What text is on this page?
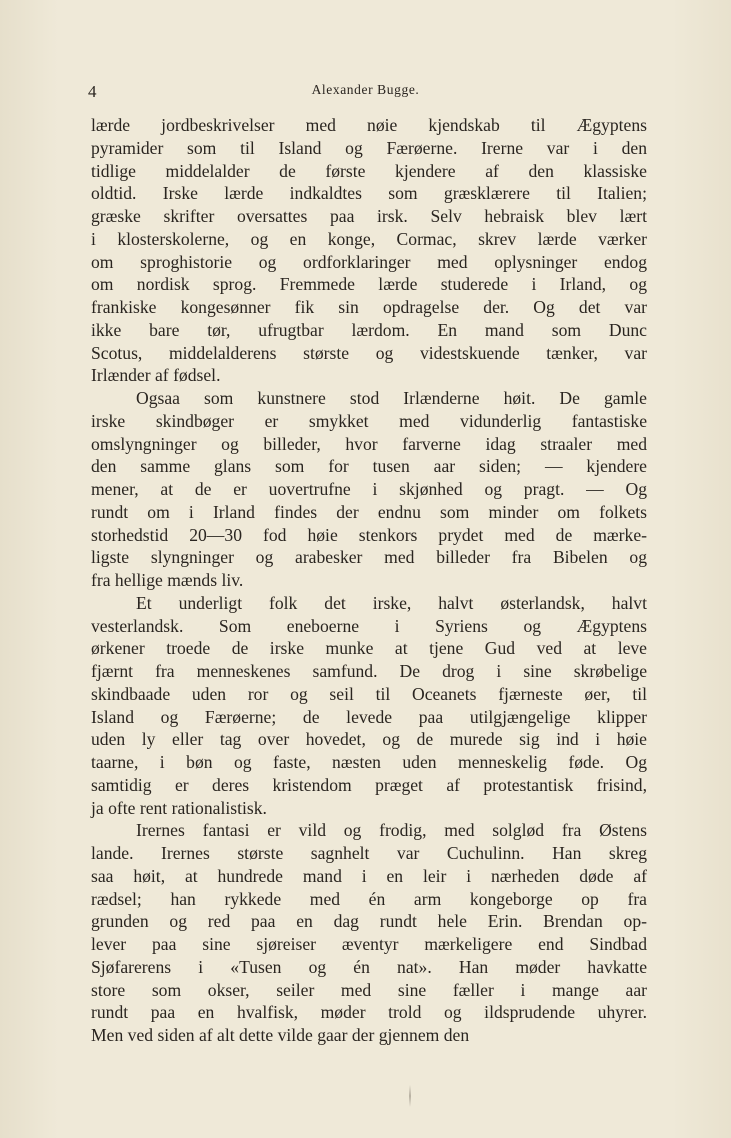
4	Alexander Bugge.
lærde jordbeskrivelser med nøie kjendskab til Ægyptens
pyramider som til Island og Færøerne. Irerne var i den
tidlige middelalder de første kjendere af den klassiske
oldtid. Irske lærde indkaldtes som græsklærere til Italien;
græske skrifter oversattes paa irsk. Selv hebraisk blev lært
i klosterskolerne, og en konge, Cormac, skrev lærde værker
om sproghistorie og ordforklaringer med oplysninger endog
om nordisk sprog. Fremmede lærde studerede i Irland, og
frankiske kongesønner fik sin opdragelse der. Og det var
ikke bare tør, ufrugtbar lærdom. En mand som Dunc
Scotus, middelalderens største og videstskuende tænker, var
Irlænder af fødsel.
Ogsaa som kunstnere stod Irlænderne høit. De gamle
irske skindbøger er smykket med vidunderlig fantastiske
omslyngninger og billeder, hvor farverne idag straaler med
den samme glans som for tusen aar siden; — kjendere
mener, at de er uovertrufne i skjønhed og pragt. — Og
rundt om i Irland findes der endnu som minder om folkets
storhedstid 20—30 fod høie stenkors prydet med de mærke-
ligste slyngninger og arabesker med billeder fra Bibelen og
fra hellige mænds liv.
Et underligt folk det irske, halvt østerlandsk, halvt
vesterlandsk. Som eneboerne i Syriens og Ægyptens
ørkener troede de irske munke at tjene Gud ved at leve
fjærnt fra menneskenes samfund. De drog i sine skrøbelige
skindbaade uden ror og seil til Oceanets fjærneste øer, til
Island og Færøerne; de levede paa utilgjængelige klipper
uden ly eller tag over hovedet, og de murede sig ind i høie
taarne, i bøn og faste, næsten uden menneskelig føde. Og
samtidig er deres kristendom præget af protestantisk frisind,
ja ofte rent rationalistisk.
Irernes fantasi er vild og frodig, med solglød fra Østens
lande. Irernes største sagnhelt var Cuchulinn. Han skreg
saa høit, at hundrede mand i en leir i nærheden døde af
rædsel; han rykkede med én arm kongeborge op fra
grunden og red paa en dag rundt hele Erin. Brendan op-
lever paa sine sjøreiser æventyr mærkeligere end Sindbad
Sjøfarerens i «Tusen og én nat». Han møder havkatte
store som okser, seiler med sine fæller i mange aar
rundt paa en hvalfisk, møder trold og ildsprudende uhyrer.
Men ved siden af alt dette vilde gaar der gjennem den
